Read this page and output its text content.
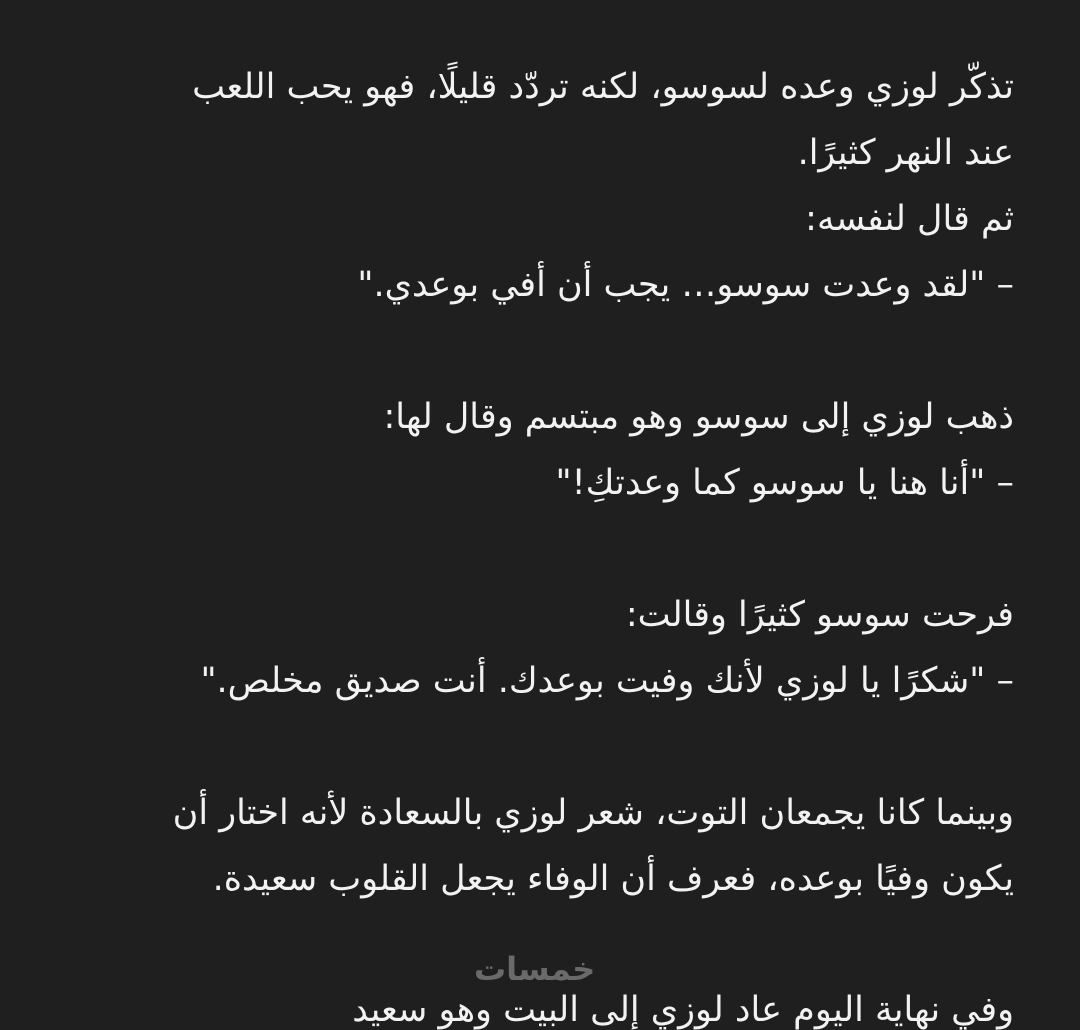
تذكّر لوزي وعده لسوسو، لكنه تردّد قليلًا، فهو يحب اللعب
عند النهر كثيرًا.
ثم قال لنفسه:
– "لقد وعدت سوسو… يجب أن أفي بوعدي."
ذهب لوزي إلى سوسو وهو مبتسم وقال لها:
– "أنا هنا يا سوسو كما وعدتكِ!"
فرحت سوسو كثيرًا وقالت:
– "شكرًا يا لوزي لأنك وفيت بوعدك. أنت صديق مخلص."
وبينما كانا يجمعان التوت، شعر لوزي بالسعادة لأنه اختار أن
يكون وفيًا بوعده، فعرف أن الوفاء يجعل القلوب سعيدة.
خمسات
وفي نهاية اليوم عاد لوزي إلى البيت وهو سعيد
